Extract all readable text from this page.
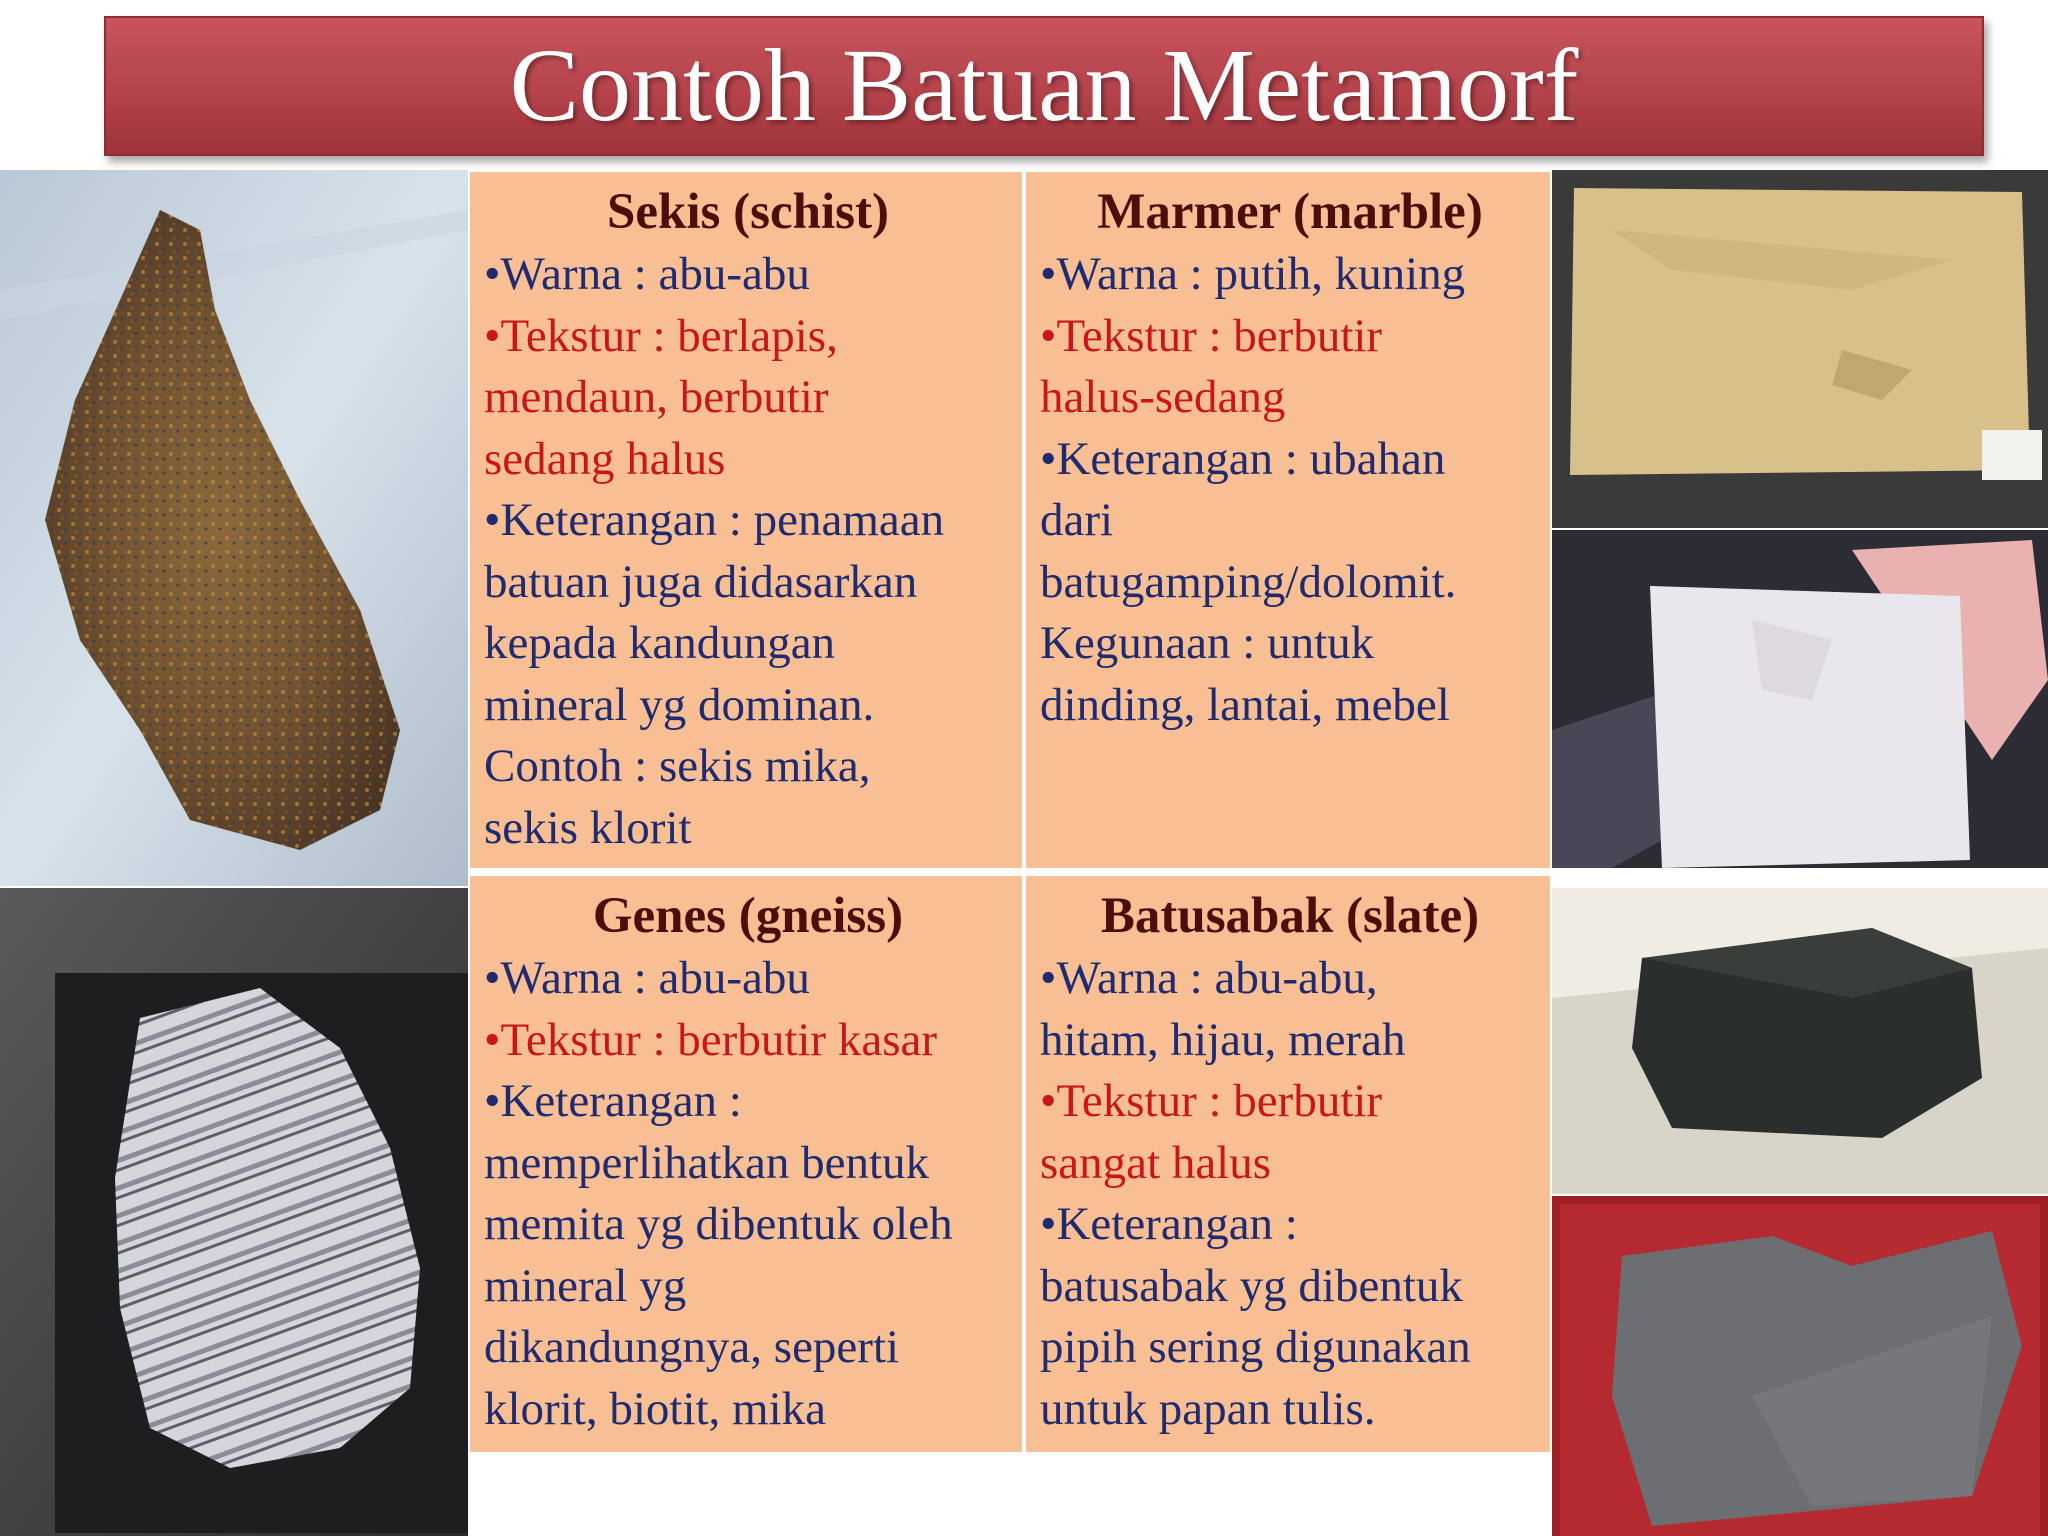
Contoh Batuan Metamorf
Sekis (schist)
•Warna : abu-abu
•Tekstur : berlapis,
mendaun, berbutir
sedang halus
•Keterangan : penamaan
batuan juga didasarkan
kepada kandungan
mineral yg dominan.
Contoh : sekis mika,
sekis klorit
Marmer (marble)
•Warna : putih, kuning
•Tekstur : berbutir
halus-sedang
•Keterangan : ubahan
dari
batugamping/dolomit.
Kegunaan : untuk
dinding, lantai, mebel
Genes (gneiss)
•Warna : abu-abu
•Tekstur : berbutir kasar
•Keterangan :
memperlihatkan bentuk
memita yg dibentuk oleh
mineral yg
dikandungnya, seperti
klorit, biotit, mika
Batusabak (slate)
•Warna : abu-abu,
hitam, hijau, merah
•Tekstur : berbutir
sangat halus
•Keterangan :
batusabak yg dibentuk
pipih sering digunakan
untuk papan tulis.
